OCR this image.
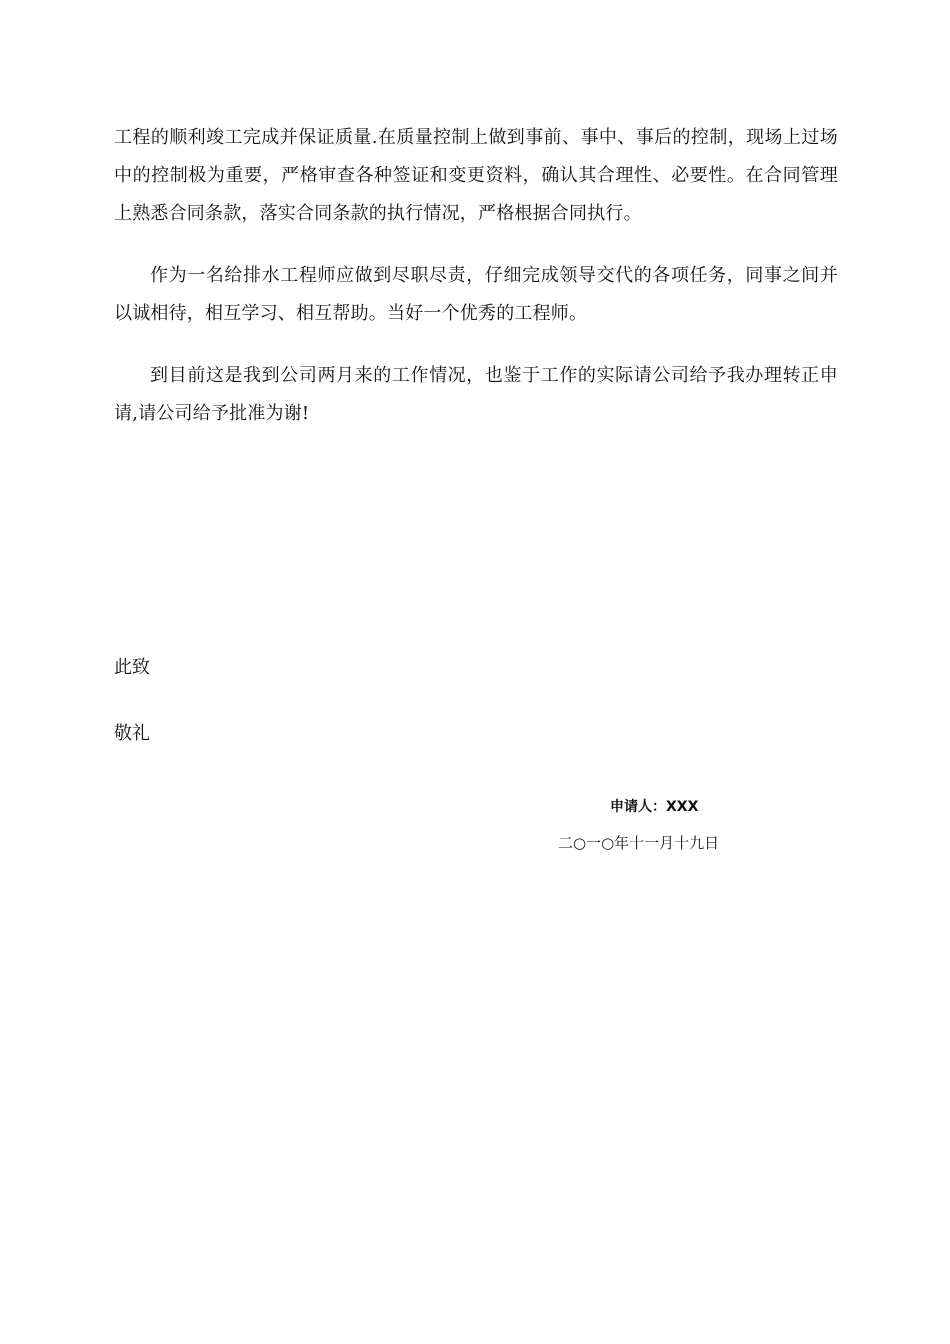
工程的顺利竣工完成并保证质量.在质量控制上做到事前、事中、事后的控制，现场上过场中的控制极为重要，严格审查各种签证和变更资料，确认其合理性、必要性。在合同管理上熟悉合同条款，落实合同条款的执行情况，严格根据合同执行。

作为一名给排水工程师应做到尽职尽责，仔细完成领导交代的各项任务，同事之间并以诚相待，相互学习、相互帮助。当好一个优秀的工程师。

到目前这是我到公司两月来的工作情况，也鉴于工作的实际请公司给予我办理转正申请,请公司给予批准为谢!

此致

敬礼

申请人：XXX

二○一○年十一月十九日
